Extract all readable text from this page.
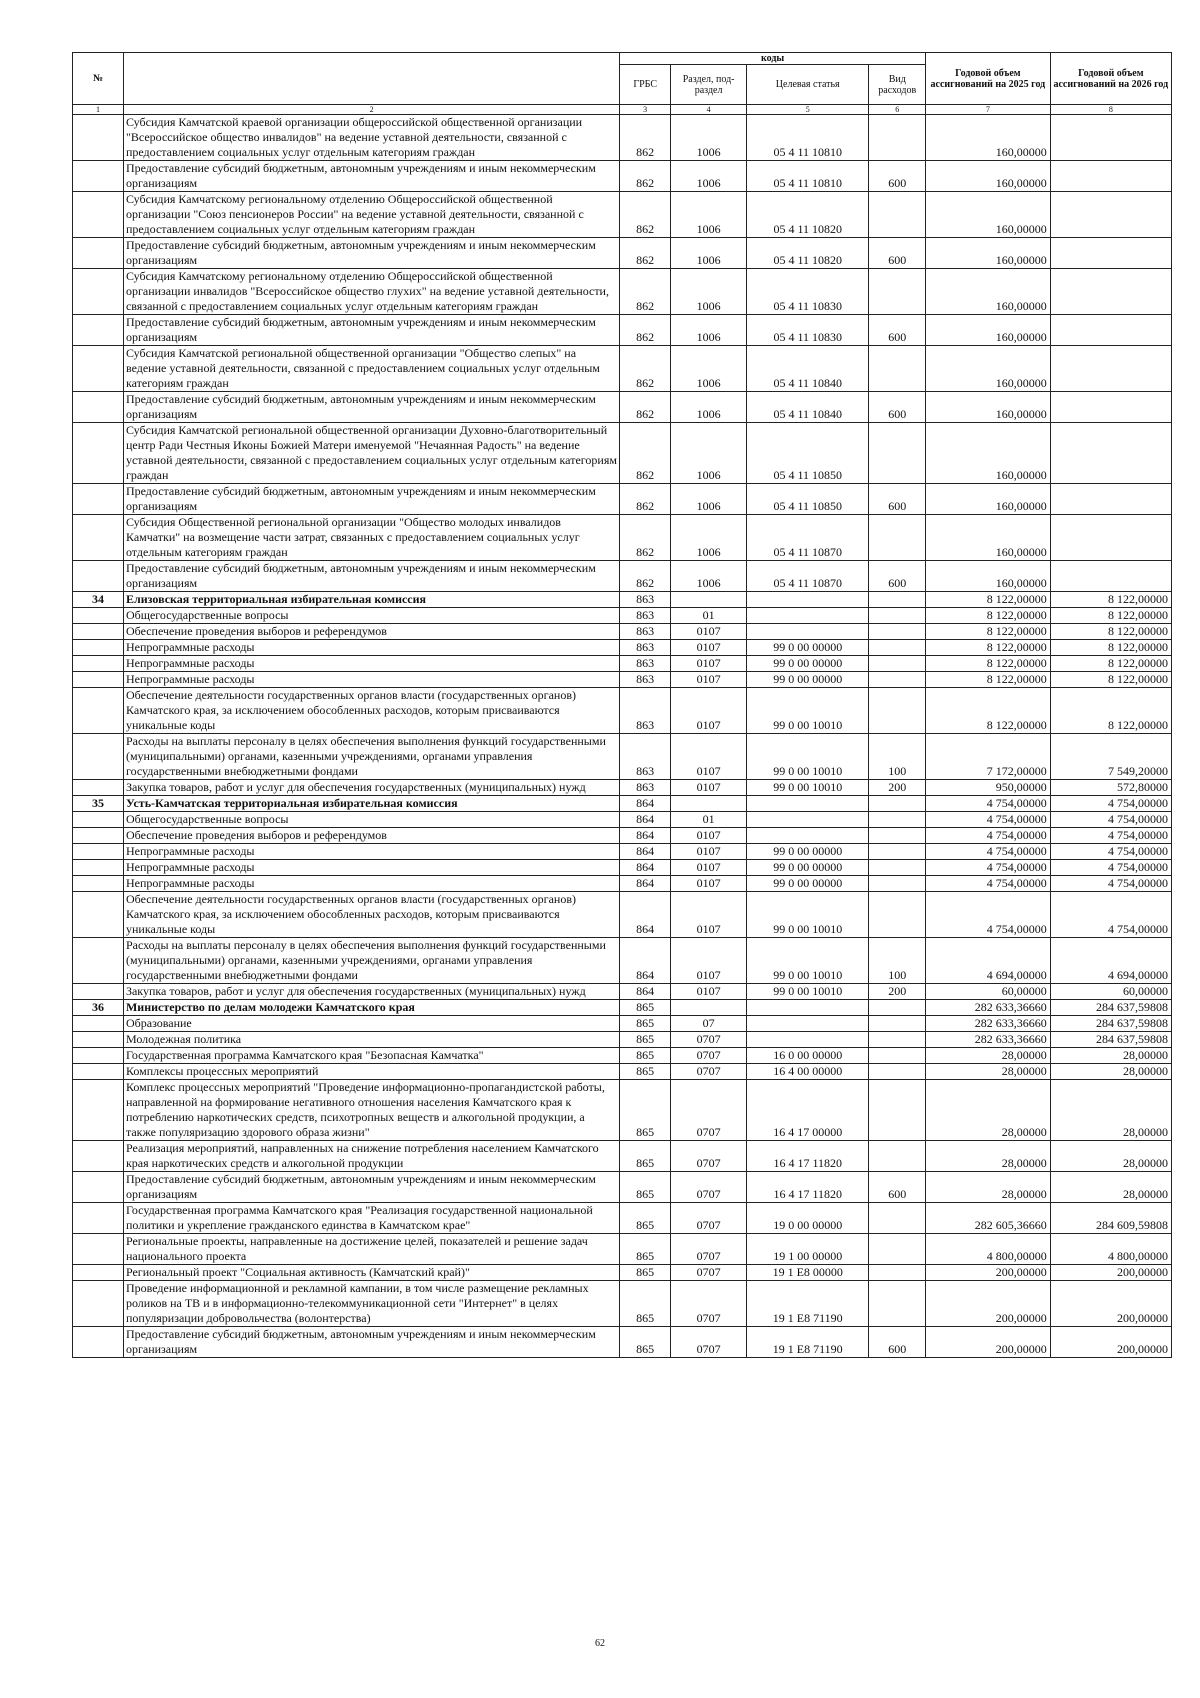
№		коды				Годовой объем ассигнований на 2025 год	Годовой объем ассигнований на 2026 год
		ГРБС	Раздел, под-раздел	Целевая статья	Вид расходов		
1	2	3	4	5	6	7	8
	Субсидия Камчатской краевой организации общероссийской общественной организации "Всероссийское общество инвалидов" на ведение уставной деятельности, связанной с предоставлением социальных услуг отдельным категориям граждан	862	1006	05 4 11 10810		160,00000	
	Предоставление субсидий бюджетным, автономным учреждениям и иным некоммерческим организациям	862	1006	05 4 11 10810	600	160,00000	
	Субсидия Камчатскому региональному отделению Общероссийской общественной организации "Союз пенсионеров России" на ведение уставной деятельности, связанной с предоставлением социальных услуг отдельным категориям граждан	862	1006	05 4 11 10820		160,00000	
	Предоставление субсидий бюджетным, автономным учреждениям и иным некоммерческим организациям	862	1006	05 4 11 10820	600	160,00000	
	Субсидия Камчатскому региональному отделению Общероссийской общественной организации инвалидов "Всероссийское общество глухих" на ведение уставной деятельности, связанной с предоставлением социальных услуг отдельным категориям граждан	862	1006	05 4 11 10830		160,00000	
	Предоставление субсидий бюджетным, автономным учреждениям и иным некоммерческим организациям	862	1006	05 4 11 10830	600	160,00000	
	Субсидия Камчатской региональной общественной организации "Общество слепых" на ведение уставной деятельности, связанной с предоставлением социальных услуг отдельным категориям граждан	862	1006	05 4 11 10840		160,00000	
	Предоставление субсидий бюджетным, автономным учреждениям и иным некоммерческим организациям	862	1006	05 4 11 10840	600	160,00000	
	Субсидия Камчатской региональной общественной организации Духовно-благотворительный центр Ради Честныя Иконы Божией Матери именуемой "Нечаянная Радость" на ведение уставной деятельности, связанной с предоставлением социальных услуг отдельным категориям граждан	862	1006	05 4 11 10850		160,00000	
	Предоставление субсидий бюджетным, автономным учреждениям и иным некоммерческим организациям	862	1006	05 4 11 10850	600	160,00000	
	Субсидия Общественной региональной организации "Общество молодых инвалидов Камчатки" на возмещение части затрат, связанных с предоставлением социальных услуг отдельным категориям граждан	862	1006	05 4 11 10870		160,00000	
	Предоставление субсидий бюджетным, автономным учреждениям и иным некоммерческим организациям	862	1006	05 4 11 10870	600	160,00000	
34	Елизовская территориальная избирательная комиссия	863				8 122,00000	8 122,00000
	Общегосударственные вопросы	863	01			8 122,00000	8 122,00000
	Обеспечение проведения выборов и референдумов	863	0107			8 122,00000	8 122,00000
	Непрограммные расходы	863	0107	99 0 00 00000		8 122,00000	8 122,00000
	Непрограммные расходы	863	0107	99 0 00 00000		8 122,00000	8 122,00000
	Непрограммные расходы	863	0107	99 0 00 00000		8 122,00000	8 122,00000
	Обеспечение деятельности государственных органов власти (государственных органов) Камчатского края, за исключением обособленных расходов, которым присваиваются уникальные коды	863	0107	99 0 00 10010		8 122,00000	8 122,00000
	Расходы на выплаты персоналу в целях обеспечения выполнения функций государственными (муниципальными) органами, казенными учреждениями, органами управления государственными внебюджетными фондами	863	0107	99 0 00 10010	100	7 172,00000	7 549,20000
	Закупка товаров, работ и услуг для обеспечения государственных (муниципальных) нужд	863	0107	99 0 00 10010	200	950,00000	572,80000
35	Усть-Камчатская территориальная избирательная комиссия	864				4 754,00000	4 754,00000
	Общегосударственные вопросы	864	01			4 754,00000	4 754,00000
	Обеспечение проведения выборов и референдумов	864	0107			4 754,00000	4 754,00000
	Непрограммные расходы	864	0107	99 0 00 00000		4 754,00000	4 754,00000
	Непрограммные расходы	864	0107	99 0 00 00000		4 754,00000	4 754,00000
	Непрограммные расходы	864	0107	99 0 00 00000		4 754,00000	4 754,00000
	Обеспечение деятельности государственных органов власти (государственных органов) Камчатского края, за исключением обособленных расходов, которым присваиваются уникальные коды	864	0107	99 0 00 10010		4 754,00000	4 754,00000
	Расходы на выплаты персоналу в целях обеспечения выполнения функций государственными (муниципальными) органами, казенными учреждениями, органами управления государственными внебюджетными фондами	864	0107	99 0 00 10010	100	4 694,00000	4 694,00000
	Закупка товаров, работ и услуг для обеспечения государственных (муниципальных) нужд	864	0107	99 0 00 10010	200	60,00000	60,00000
36	Министерство по делам молодежи Камчатского края	865				282 633,36660	284 637,59808
	Образование	865	07			282 633,36660	284 637,59808
	Молодежная политика	865	0707			282 633,36660	284 637,59808
	Государственная программа Камчатского края "Безопасная Камчатка"	865	0707	16 0 00 00000		28,00000	28,00000
	Комплексы процессных мероприятий	865	0707	16 4 00 00000		28,00000	28,00000
	Комплекс процессных мероприятий "Проведение информационно-пропагандистской работы, направленной на формирование негативного отношения населения Камчатского края к потреблению наркотических средств, психотропных веществ и алкогольной продукции, а также популяризацию здорового образа жизни"	865	0707	16 4 17 00000		28,00000	28,00000
	Реализация мероприятий, направленных на снижение потребления населением Камчатского края наркотических средств и алкогольной продукции	865	0707	16 4 17 11820		28,00000	28,00000
	Предоставление субсидий бюджетным, автономным учреждениям и иным некоммерческим организациям	865	0707	16 4 17 11820	600	28,00000	28,00000
	Государственная программа Камчатского края "Реализация государственной национальной политики и укрепление гражданского единства в Камчатском крае"	865	0707	19 0 00 00000		282 605,36660	284 609,59808
	Региональные проекты, направленные на достижение целей, показателей и решение задач национального проекта	865	0707	19 1 00 00000		4 800,00000	4 800,00000
	Региональный проект "Социальная активность (Камчатский край)"	865	0707	19 1 E8 00000		200,00000	200,00000
	Проведение информационной и рекламной кампании, в том числе размещение рекламных роликов на ТВ и в информационно-телекоммуникационной сети "Интернет" в целях популяризации добровольчества (волонтерства)	865	0707	19 1 E8 71190		200,00000	200,00000
	Предоставление субсидий бюджетным, автономным учреждениям и иным некоммерческим организациям	865	0707	19 1 E8 71190	600	200,00000	200,00000
62
